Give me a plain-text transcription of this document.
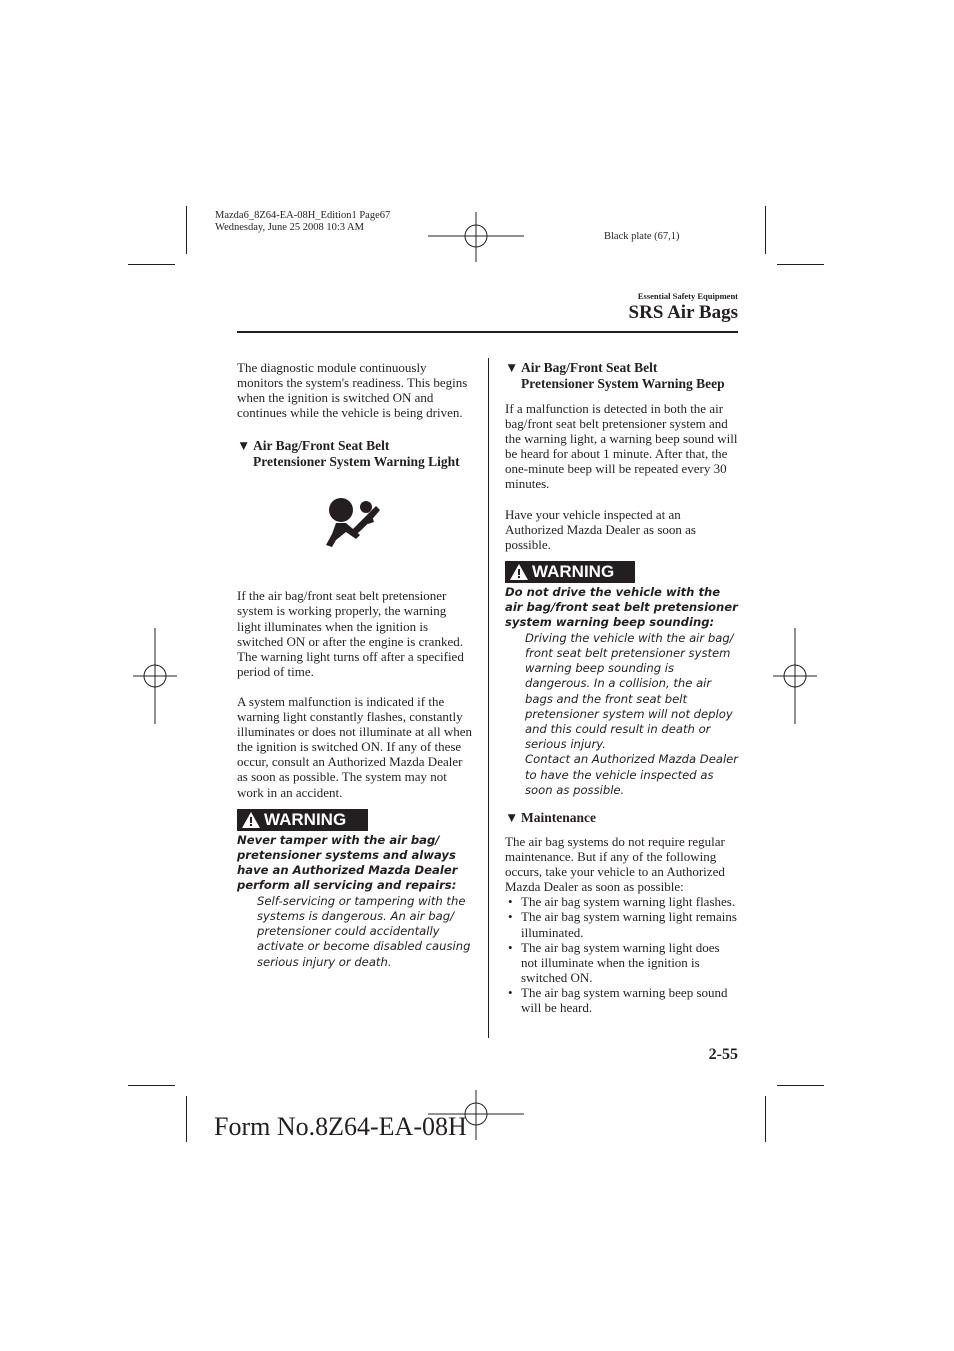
Mazda6_8Z64-EA-08H_Edition1 Page67
Wednesday, June 25 2008 10:3 AM
Black plate (67,1)
Essential Safety Equipment
SRS Air Bags

The diagnostic module continuously monitors the system's readiness. This begins when the ignition is switched ON and continues while the vehicle is being driven.

▼ Air Bag/Front Seat Belt
Pretensioner System Warning Light

If the air bag/front seat belt pretensioner system is working properly, the warning light illuminates when the ignition is switched ON or after the engine is cranked. The warning light turns off after a specified period of time.

A system malfunction is indicated if the warning light constantly flashes, constantly illuminates or does not illuminate at all when the ignition is switched ON. If any of these occur, consult an Authorized Mazda Dealer as soon as possible. The system may not work in an accident.

WARNING
Never tamper with the air bag/ pretensioner systems and always have an Authorized Mazda Dealer perform all servicing and repairs:
Self-servicing or tampering with the systems is dangerous. An air bag/ pretensioner could accidentally activate or become disabled causing serious injury or death.
▼ Air Bag/Front Seat Belt
Pretensioner System Warning Beep

If a malfunction is detected in both the air bag/front seat belt pretensioner system and the warning light, a warning beep sound will be heard for about 1 minute. After that, the one-minute beep will be repeated every 30 minutes.

Have your vehicle inspected at an Authorized Mazda Dealer as soon as possible.

WARNING
Do not drive the vehicle with the air bag/front seat belt pretensioner system warning beep sounding:
Driving the vehicle with the air bag/ front seat belt pretensioner system warning beep sounding is dangerous. In a collision, the air bags and the front seat belt pretensioner system will not deploy and this could result in death or serious injury.
Contact an Authorized Mazda Dealer to have the vehicle inspected as soon as possible.
▼ Maintenance

The air bag systems do not require regular maintenance. But if any of the following occurs, take your vehicle to an Authorized Mazda Dealer as soon as possible:

• The air bag system warning light flashes.
• The air bag system warning light remains illuminated.
• The air bag system warning light does not illuminate when the ignition is switched ON.
• The air bag system warning beep sound will be heard.
2-55
Form No.8Z64-EA-08H
